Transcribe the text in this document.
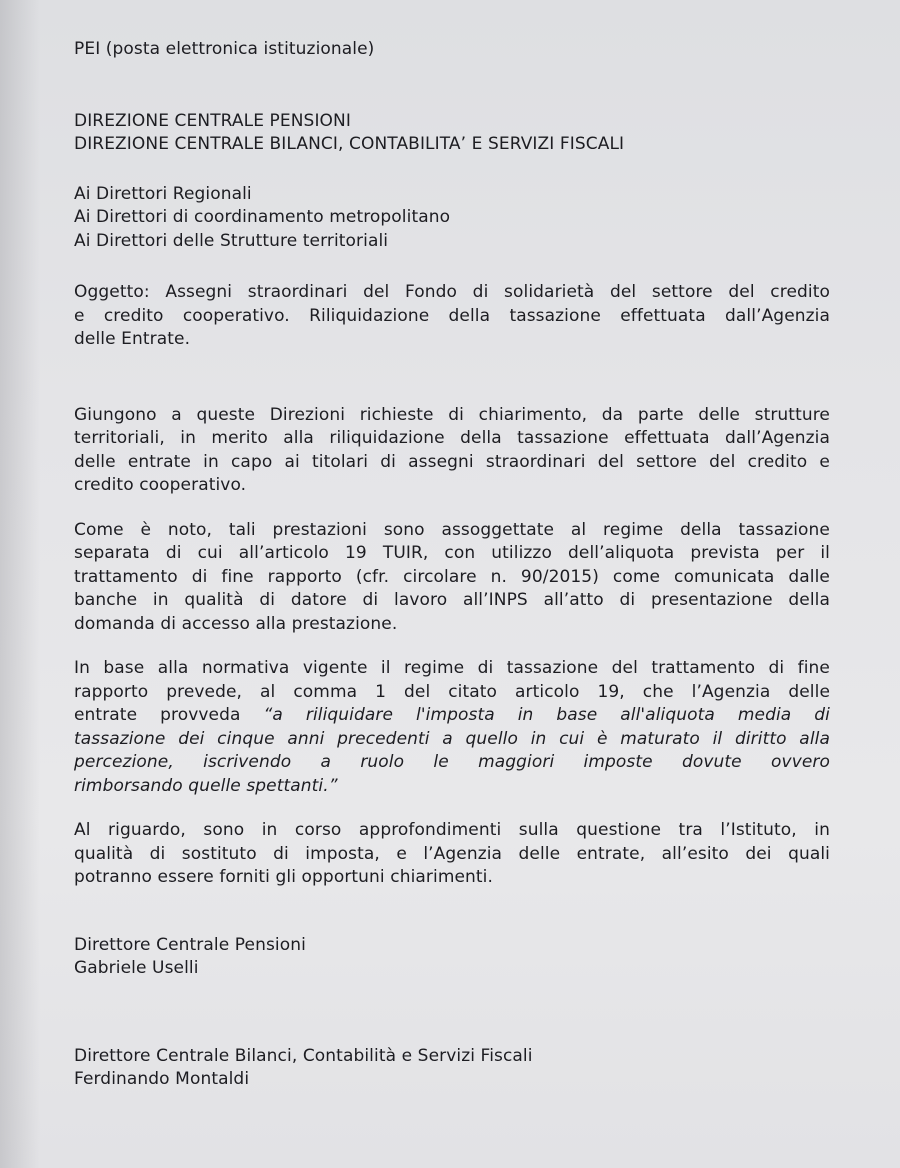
PEI (posta elettronica istituzionale)
DIREZIONE CENTRALE PENSIONI
DIREZIONE CENTRALE BILANCI, CONTABILITA’ E SERVIZI FISCALI
Ai Direttori Regionali
Ai Direttori di coordinamento metropolitano
Ai Direttori delle Strutture territoriali
Oggetto: Assegni straordinari del Fondo di solidarietà del settore del credito
e credito cooperativo. Riliquidazione della tassazione effettuata dall’Agenzia
delle Entrate.
Giungono a queste Direzioni richieste di chiarimento, da parte delle strutture
territoriali, in merito alla riliquidazione della tassazione effettuata dall’Agenzia
delle entrate in capo ai titolari di assegni straordinari del settore del credito e
credito cooperativo.
Come è noto, tali prestazioni sono assoggettate al regime della tassazione
separata di cui all’articolo 19 TUIR, con utilizzo dell’aliquota prevista per il
trattamento di fine rapporto (cfr. circolare n. 90/2015) come comunicata dalle
banche in qualità di datore di lavoro all’INPS all’atto di presentazione della
domanda di accesso alla prestazione.
In base alla normativa vigente il regime di tassazione del trattamento di fine
rapporto prevede, al comma 1 del citato articolo 19, che l’Agenzia delle
entrate provveda “a riliquidare l'imposta in base all'aliquota media di
tassazione dei cinque anni precedenti a quello in cui è maturato il diritto alla
percezione, iscrivendo a ruolo le maggiori imposte dovute ovvero
rimborsando quelle spettanti.”
Al riguardo, sono in corso approfondimenti sulla questione tra l’Istituto, in
qualità di sostituto di imposta, e l’Agenzia delle entrate, all’esito dei quali
potranno essere forniti gli opportuni chiarimenti.
Direttore Centrale Pensioni
Gabriele Uselli
Direttore Centrale Bilanci, Contabilità e Servizi Fiscali
Ferdinando Montaldi
